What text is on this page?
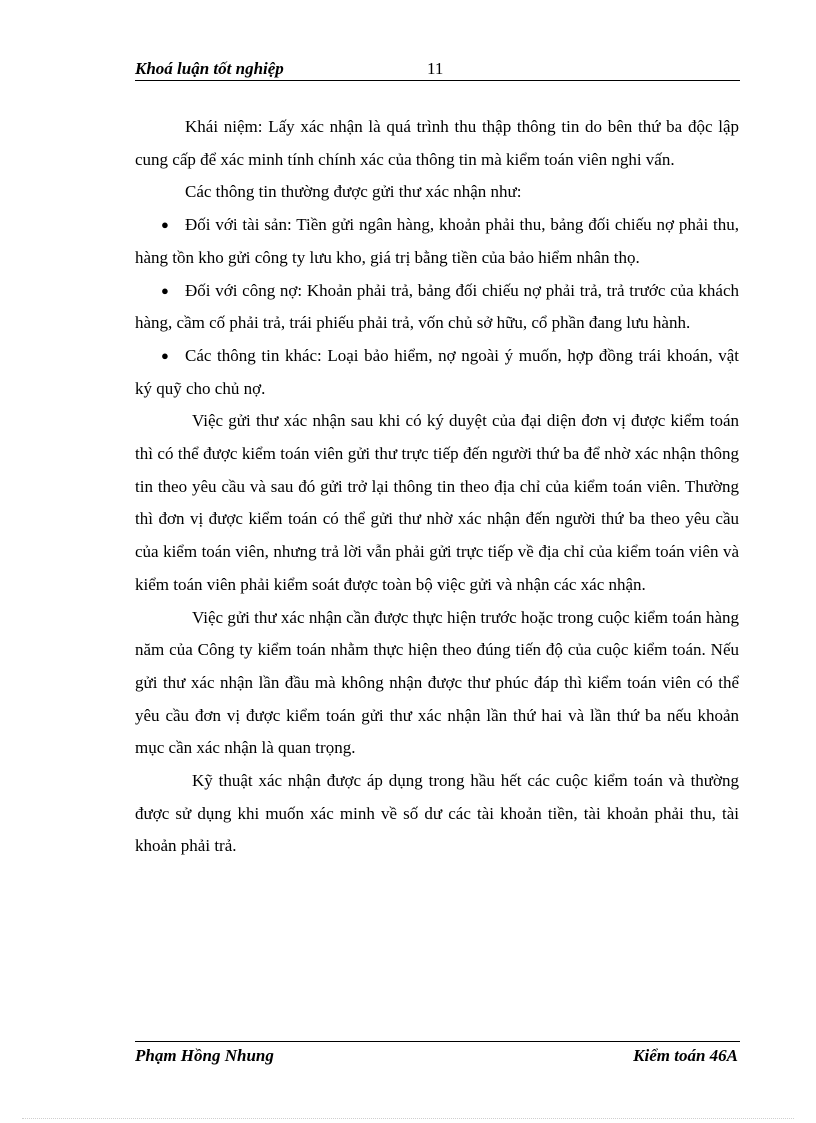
Khoá luận tốt nghiệp	11

Khái niệm: Lấy xác nhận là quá trình thu thập thông tin do bên thứ ba độc lập cung cấp để xác minh tính chính xác của thông tin mà kiểm toán viên nghi vấn.

Các thông tin thường được gửi thư xác nhận như:

● Đối với tài sản: Tiền gửi ngân hàng, khoản phải thu, bảng đối chiếu nợ phải thu, hàng tồn kho gửi công ty lưu kho, giá trị bằng tiền của bảo hiểm nhân thọ.
● Đối với công nợ: Khoản phải trả, bảng đối chiếu nợ phải trả, trả trước của khách hàng, cầm cố phải trả, trái phiếu phải trả, vốn chủ sở hữu, cổ phần đang lưu hành.
● Các thông tin khác: Loại bảo hiểm, nợ ngoài ý muốn, hợp đồng trái khoán, vật ký quỹ cho chủ nợ.

Việc gửi thư xác nhận sau khi có ký duyệt của đại diện đơn vị được kiểm toán thì có thể được kiểm toán viên gửi thư trực tiếp đến người thứ ba để nhờ xác nhận thông tin theo yêu cầu và sau đó gửi trở lại thông tin theo địa chỉ của kiểm toán viên. Thường thì đơn vị được kiểm toán có thể gửi thư nhờ xác nhận đến người thứ ba theo yêu cầu của kiểm toán viên, nhưng trả lời vẫn phải gửi trực tiếp về địa chỉ của kiểm toán viên và kiểm toán viên phải kiểm soát được toàn bộ việc gửi và nhận các xác nhận.

Việc gửi thư xác nhận cần được thực hiện trước hoặc trong cuộc kiểm toán hàng năm của Công ty kiểm toán nhằm thực hiện theo đúng tiến độ của cuộc kiểm toán. Nếu gửi thư xác nhận lần đầu mà không nhận được thư phúc đáp thì kiểm toán viên có thể yêu cầu đơn vị được kiểm toán gửi thư xác nhận lần thứ hai và lần thứ ba nếu khoản mục cần xác nhận là quan trọng.

Kỹ thuật xác nhận được áp dụng trong hầu hết các cuộc kiểm toán và thường được sử dụng khi muốn xác minh về số dư các tài khoản tiền, tài khoản phải thu, tài khoản phải trả.

Phạm Hồng Nhung	Kiểm toán 46A
